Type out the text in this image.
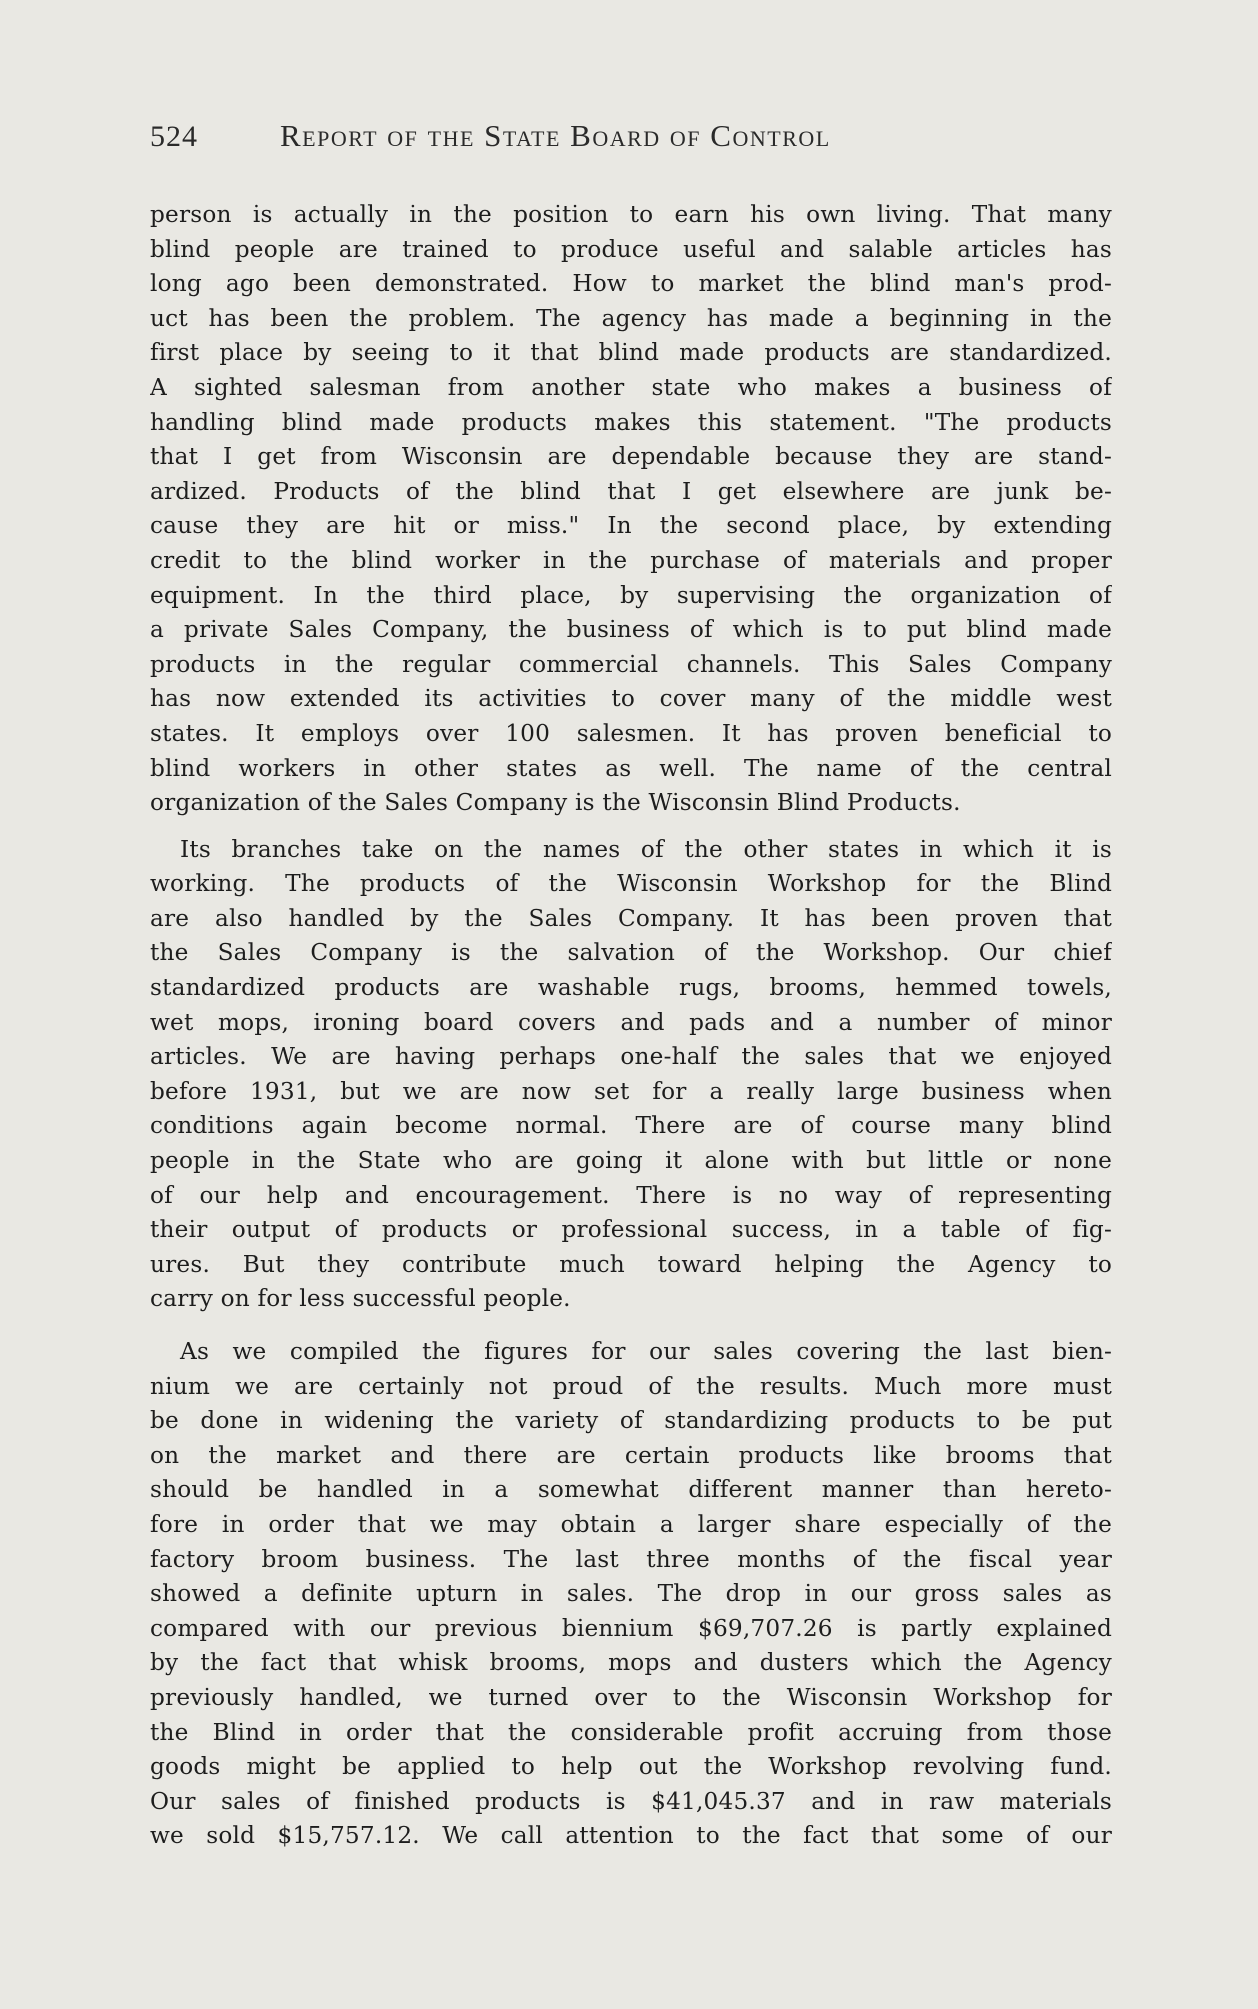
524	Report of the State Board of Control
person is actually in the position to earn his own living. That many
blind people are trained to produce useful and salable articles has
long ago been demonstrated. How to market the blind man's prod-
uct has been the problem. The agency has made a beginning in the
first place by seeing to it that blind made products are standardized.
A sighted salesman from another state who makes a business of
handling blind made products makes this statement. "The products
that I get from Wisconsin are dependable because they are stand-
ardized. Products of the blind that I get elsewhere are junk be-
cause they are hit or miss." In the second place, by extending
credit to the blind worker in the purchase of materials and proper
equipment. In the third place, by supervising the organization of
a private Sales Company, the business of which is to put blind made
products in the regular commercial channels. This Sales Company
has now extended its activities to cover many of the middle west
states. It employs over 100 salesmen. It has proven beneficial to
blind workers in other states as well. The name of the central
organization of the Sales Company is the Wisconsin Blind Products.
Its branches take on the names of the other states in which it is
working. The products of the Wisconsin Workshop for the Blind
are also handled by the Sales Company. It has been proven that
the Sales Company is the salvation of the Workshop. Our chief
standardized products are washable rugs, brooms, hemmed towels,
wet mops, ironing board covers and pads and a number of minor
articles. We are having perhaps one-half the sales that we enjoyed
before 1931, but we are now set for a really large business when
conditions again become normal. There are of course many blind
people in the State who are going it alone with but little or none
of our help and encouragement. There is no way of representing
their output of products or professional success, in a table of fig-
ures. But they contribute much toward helping the Agency to
carry on for less successful people.
As we compiled the figures for our sales covering the last bien-
nium we are certainly not proud of the results. Much more must
be done in widening the variety of standardizing products to be put
on the market and there are certain products like brooms that
should be handled in a somewhat different manner than hereto-
fore in order that we may obtain a larger share especially of the
factory broom business. The last three months of the fiscal year
showed a definite upturn in sales. The drop in our gross sales as
compared with our previous biennium $69,707.26 is partly explained
by the fact that whisk brooms, mops and dusters which the Agency
previously handled, we turned over to the Wisconsin Workshop for
the Blind in order that the considerable profit accruing from those
goods might be applied to help out the Workshop revolving fund.
Our sales of finished products is $41,045.37 and in raw materials
we sold $15,757.12. We call attention to the fact that some of our
